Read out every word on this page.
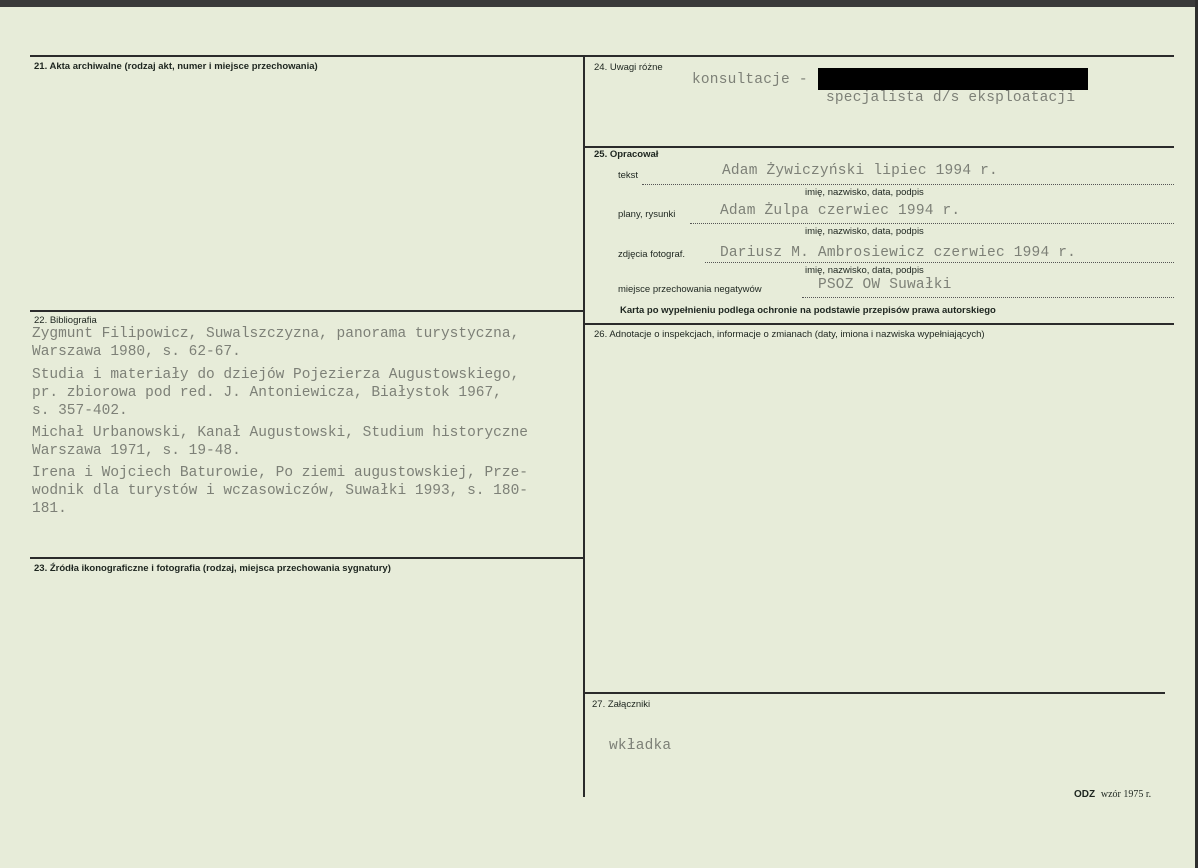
21. Akta archiwalne (rodzaj akt, numer i miejsce przechowania)
22. Bibliografia
Zygmunt Filipowicz, Suwalszczyzna, panorama turystyczna,
Warszawa 1980, s. 62-67.
Studia i materiały do dziejów Pojezierza Augustowskiego,
pr. zbiorowa pod red. J. Antoniewicza, Białystok 1967,
s. 357-402.
Michał Urbanowski, Kanał Augustowski, Studium historyczne
Warszawa 1971, s. 19-48.
Irena i Wojciech Baturowie, Po ziemi augustowskiej, Prze-
wodnik dla turystów i wczasowiczów, Suwałki 1993, s. 180-
181.
23. Źródła ikonograficzne i fotografia (rodzaj, miejsca przechowania sygnatury)
24. Uwagi różne
konsultacje -
specjalista d/s eksploatacji
25. Opracował
tekst	Adam Żywiczyński lipiec 1994 r.
imię, nazwisko, data, podpis
plany, rysunki	Adam Żulpa czerwiec 1994 r.
imię, nazwisko, data, podpis
zdjęcia fotograf. Dariusz M. Ambrosiewicz czerwiec 1994 r.
imię, nazwisko, data, podpis
miejsce przechowania negatywów	PSOZ OW Suwałki
Karta po wypełnieniu podlega ochronie na podstawie przepisów prawa autorskiego
26. Adnotacje o inspekcjach, informacje o zmianach (daty, imiona i nazwiska wypełniających)
27. Załączniki
wkładka
ODZ wzór 1975 r.
